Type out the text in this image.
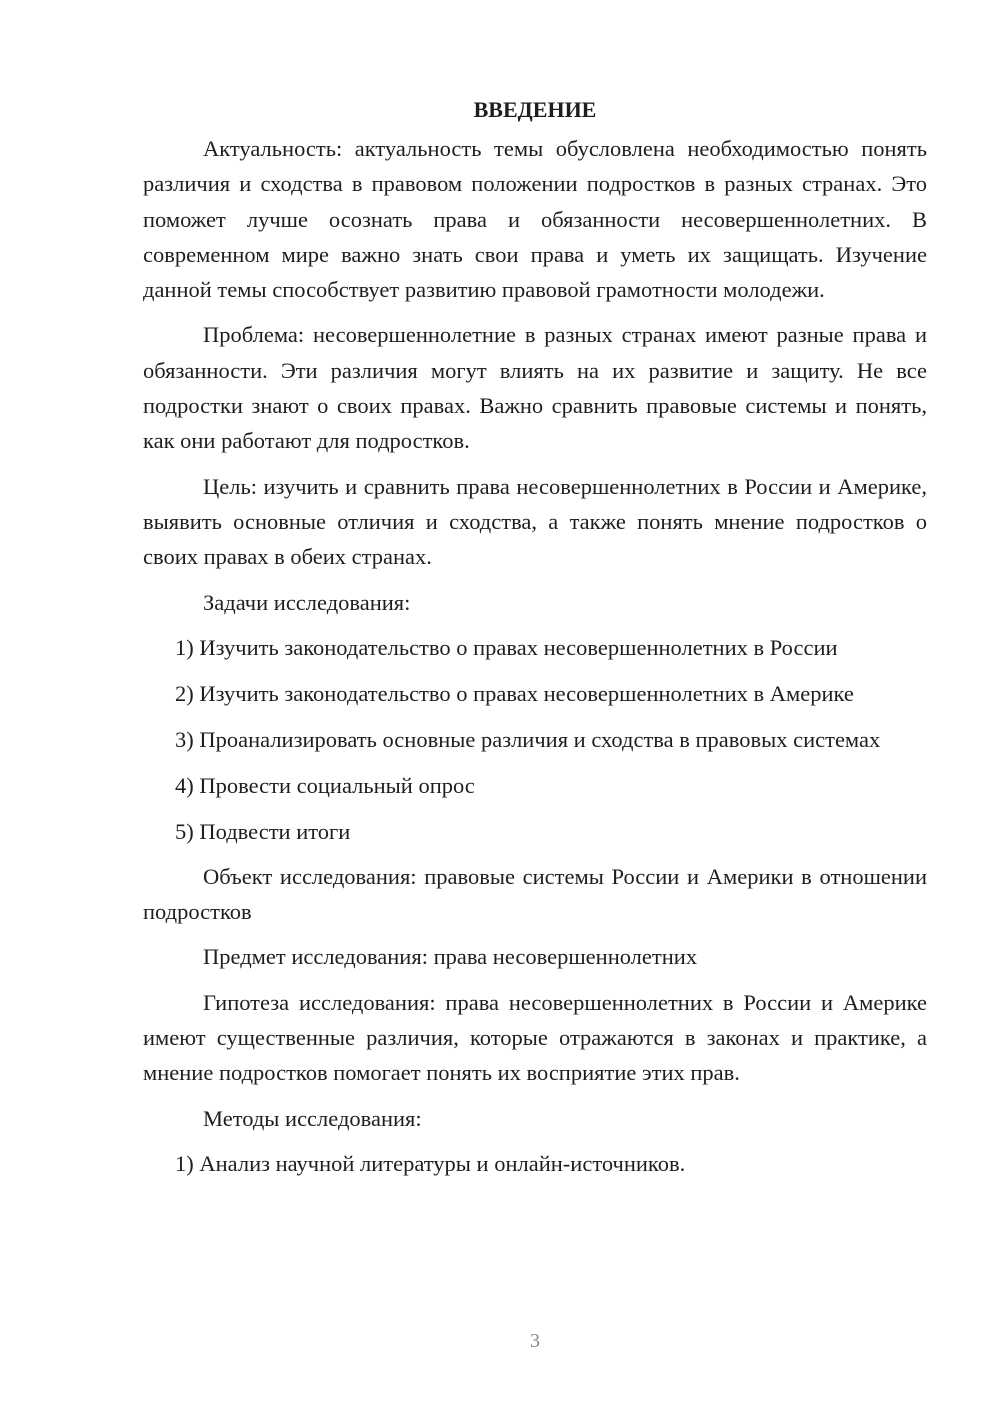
ВВЕДЕНИЕ

Актуальность: актуальность темы обусловлена необходимостью понять различия и сходства в правовом положении подростков в разных странах. Это поможет лучше осознать права и обязанности несовершеннолетних. В современном мире важно знать свои права и уметь их защищать. Изучение данной темы способствует развитию правовой грамотности молодежи.

Проблема: несовершеннолетние в разных странах имеют разные права и обязанности. Эти различия могут влиять на их развитие и защиту. Не все подростки знают о своих правах. Важно сравнить правовые системы и понять, как они работают для подростков.

Цель: изучить и сравнить права несовершеннолетних в России и Америке, выявить основные отличия и сходства, а также понять мнение подростков о своих правах в обеих странах.

Задачи исследования:

1) Изучить законодательство о правах несовершеннолетних в России

2) Изучить законодательство о правах несовершеннолетних в Америке

3) Проанализировать основные различия и сходства в правовых системах

4) Провести социальный опрос

5) Подвести итоги

Объект исследования: правовые системы России и Америки в отношении подростков

Предмет исследования: права несовершеннолетних

Гипотеза исследования: права несовершеннолетних в России и Америке имеют существенные различия, которые отражаются в законах и практике, а мнение подростков помогает понять их восприятие этих прав.

Методы исследования:

1) Анализ научной литературы и онлайн-источников.

3
